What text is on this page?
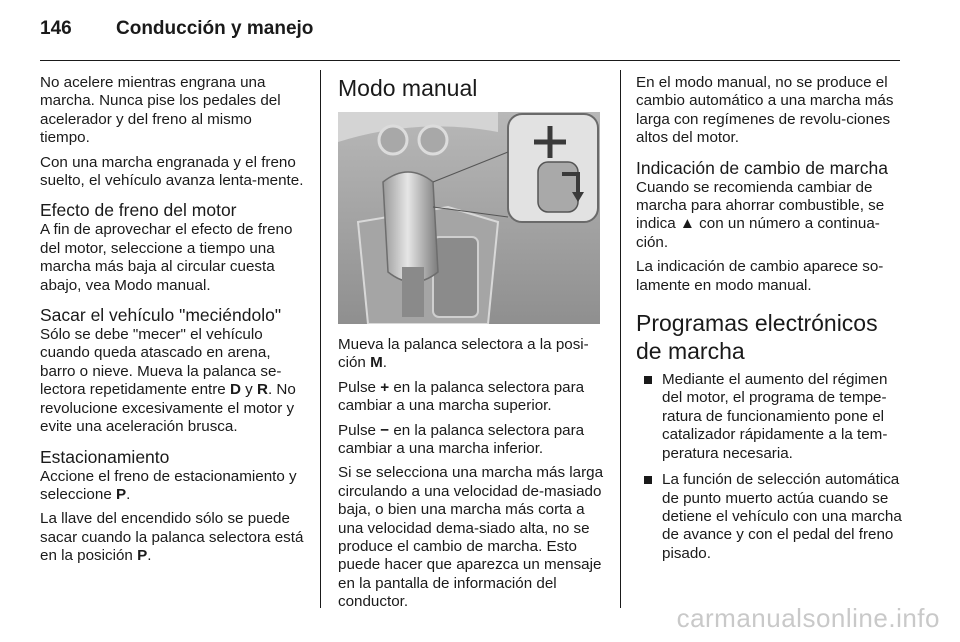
146 Conducción y manejo

No acelere mientras engrana una marcha. Nunca pise los pedales del acelerador y del freno al mismo tiempo.

Con una marcha engranada y el freno suelto, el vehículo avanza lenta-mente.

Efecto de freno del motor

A fin de aprovechar el efecto de freno del motor, seleccione a tiempo una marcha más baja al circular cuesta abajo, vea Modo manual.

Sacar el vehículo "meciéndolo"

Sólo se debe "mecer" el vehículo cuando queda atascado en arena, barro o nieve. Mueva la palanca se-lectora repetidamente entre D y R. No revolucione excesivamente el motor y evite una aceleración brusca.

Estacionamiento

Accione el freno de estacionamiento y seleccione P.

La llave del encendido sólo se puede sacar cuando la palanca selectora está en la posición P.

Modo manual

Mueva la palanca selectora a la posi-ción M.

Pulse + en la palanca selectora para cambiar a una marcha superior.

Pulse − en la palanca selectora para cambiar a una marcha inferior.

Si se selecciona una marcha más larga circulando a una velocidad de-masiado baja, o bien una marcha más corta a una velocidad dema-siado alta, no se produce el cambio de marcha. Esto puede hacer que aparezca un mensaje en la pantalla de información del conductor.

En el modo manual, no se produce el cambio automático a una marcha más larga con regímenes de revolu-ciones altos del motor.

Indicación de cambio de marcha

Cuando se recomienda cambiar de marcha para ahorrar combustible, se indica ▲ con un número a continua-ción.

La indicación de cambio aparece so-lamente en modo manual.

Programas electrónicos de marcha
Mediante el aumento del régimen del motor, el programa de tempe-ratura de funcionamiento pone el catalizador rápidamente a la tem-peratura necesaria.
La función de selección automática de punto muerto actúa cuando se detiene el vehículo con una marcha de avance y con el pedal del freno pisado.
carmanualsonline.info
